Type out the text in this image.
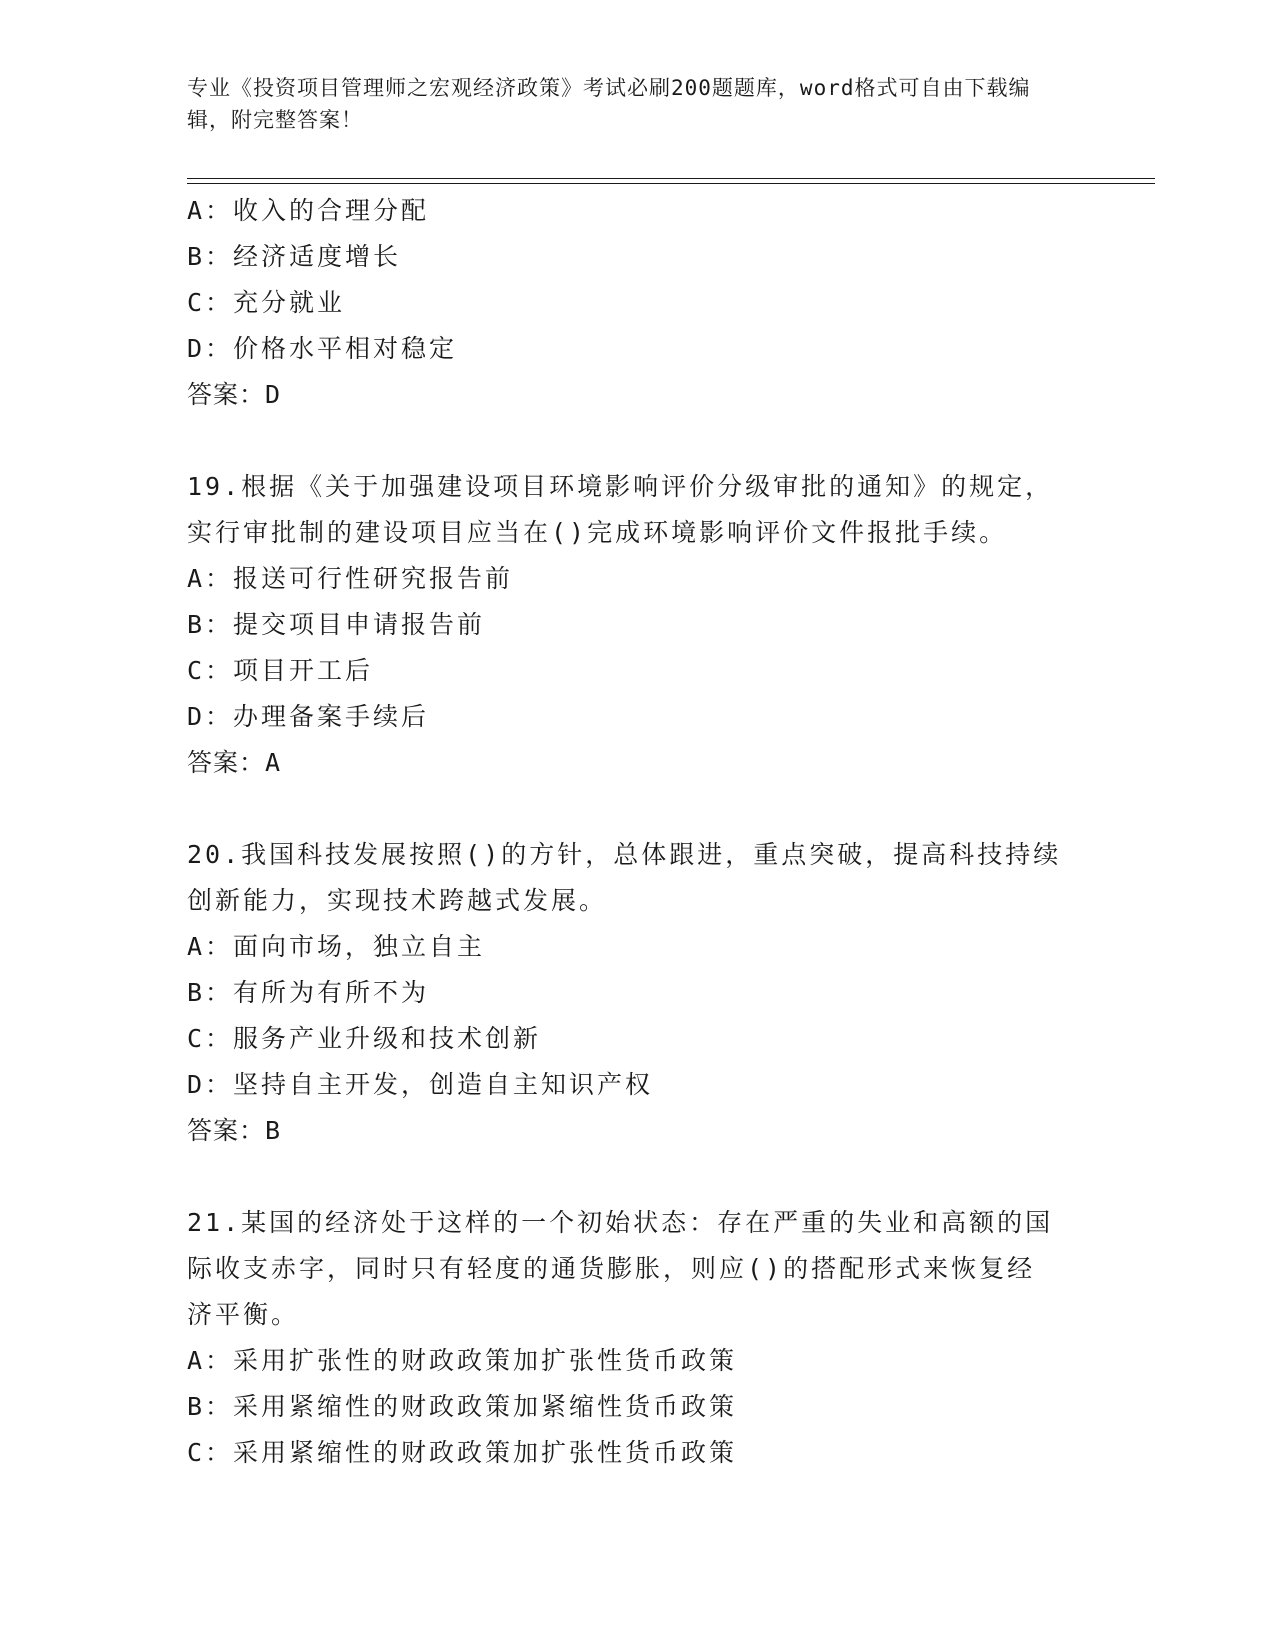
专业《投资项目管理师之宏观经济政策》考试必刷200题题库，word格式可自由下载编辑，附完整答案！
A：收入的合理分配
B：经济适度增长
C：充分就业
D：价格水平相对稳定
答案：D
19.根据《关于加强建设项目环境影响评价分级审批的通知》的规定，
实行审批制的建设项目应当在()完成环境影响评价文件报批手续。
A：报送可行性研究报告前
B：提交项目申请报告前
C：项目开工后
D：办理备案手续后
答案：A
20.我国科技发展按照()的方针，总体跟进，重点突破，提高科技持续
创新能力，实现技术跨越式发展。
A：面向市场，独立自主
B：有所为有所不为
C：服务产业升级和技术创新
D：坚持自主开发，创造自主知识产权
答案：B
21.某国的经济处于这样的一个初始状态：存在严重的失业和高额的国
际收支赤字，同时只有轻度的通货膨胀，则应()的搭配形式来恢复经
济平衡。
A：采用扩张性的财政政策加扩张性货币政策
B：采用紧缩性的财政政策加紧缩性货币政策
C：采用紧缩性的财政政策加扩张性货币政策
